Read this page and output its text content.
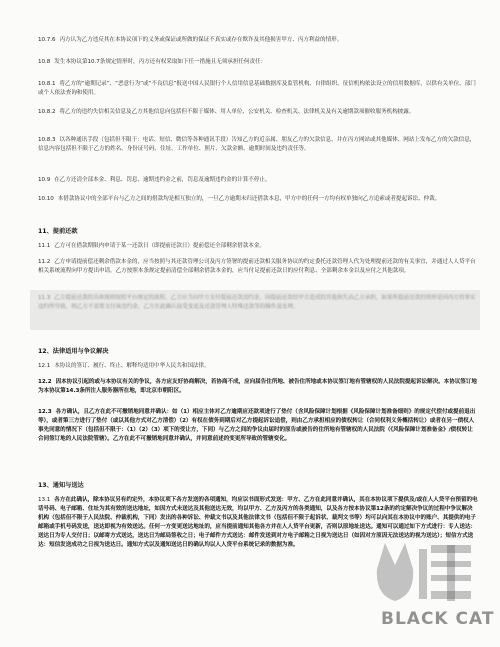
10.7.6 丙方认为乙方违反其在本协议项下的义务或保证或所做的保证不真实或存在欺诈及其他损害甲方、丙方利益的情形。
10.8 发生本协议第10.7条规定情形时，丙方还有权采取如下任一措施且无须承担任何责任：
10.8.1 将乙方的“逾期记录”、“恶意行为”或“不良信息”报送中国人民银行个人信用信息基础数据库及监管机构、自律组织、征信机构依法设立的信用数据库，以供有关单位、部门或个人依法查询和使用。
10.8.2 将乙方的违约失信相关信息及乙方其他信息向包括但不限于媒体、用人单位、公安机关、检查机关、法律机关及有关逾期款项催收服务机构披露。
10.8.3 以各种通讯手段（包括但不限于：电话、短信、微信等各种通讯手段）告知乙方的近亲属、朋友乙方的欠款信息，并在丙方网站或其他媒体、网站上发布乙方的欠款信息，信息内容包括但不限于乙方的姓名、身份证号码、住址、工作单位、照片、欠款金额、逾期时间及违约责任等。
10.9 在乙方还清全部本金、利息、罚息、逾期违约金之前，罚息及逾期违约金的计算不停止。
10.10 本借款协议中的全部平台与乙方之间的借款均是相互独立的，一旦乙方逾期未归还借款本息，甲方中的任何一方均有权单独向乙方追索或者提起诉讼、仲裁。
11、提前还款
11.1 乙方可在借款期限内申请于某一还款日（即提前还款日）提前偿还全部剩余借款本金。
11.2 乙方申请提前偿还剩余借款本金的，应当按照与其还款管理公司及丙方签署的提前还款相关服务协议的约定委托还款管理人代为处理提前还款的有关事宜，并通过人人贷平台相关系统流程向甲方提出申请，乙方按照本条规定提前清偿全部剩余借款本金的，应当付足提前还款日的应付利息、全部剩余本金以及应付之其他款项。
11.3 乙方提前还款的具体规则按照平台规定的流程，乙方应当向甲方支付提前还款违约金，因提前还款给甲方造成的其他损失由乙方承担，如果所提前还款的情形是因丙方的事实违约所导致，则乙方不需要支付该违约金，乙方在此确认接受变更及还款管理人特殊还款等的操作及处理。
12、法律适用与争议解决
12.1 本协议的签订、履行、终止、解释均适用中华人民共和国法律。
12.2 因本协议引起的或与本协议有关的争议，各方应友好协商解决，若协商不成，应向届告住所地、被告住所地或本协议签订地有管辖权的人民法院提起诉讼解决。本协议签订地为本协议第14.3条所注人服务器所在地，即北京市朝阳区。
12.3 各方确认，且乙方在此不可撤销地同意并确认：如（1）相应主体对乙方逾期应还款项进行了垫付（含风险保障计划根据《风险保障计划准备细则》的规定代偿付或提前退出等），或者第三方进行了垫付（或以其他方式对乙方清偿）（2）有权在债务到期后对乙方提起诉讼追偿，则由乙方承担相应的债权转让（合同权利义务概括转让）或者在另一债权人事先同意的情况下（包括但不限于：（1）（2）（3）项下的受让方，下同）与乙方之间的争议由届时的原告或被告的住所地有管辖权的人民法院（《风险保障计划准备金》/债权转让合同签订地的人民法院管辖）。乙方在此不可撤销地同意并确认，并同意前述的变更所导致的管辖变化。
13、通知与送达
13.1 各方在此确认，除本协议另有约定外，本协议项下各方发送的各项通知，均应以书面形式发送：甲方、乙方在此同意并确认，其在本协议项下提供及/或在人人贷平台预留的电话号码、电子邮箱、住址为其有效的送达地址，如因方式未送达及其他送达无效，均以甲方、乙方及丙方的各类通知，以及各方按本协议第12条的约定解决争议的过程中争议解决机构（包括但不限于人民法院、仲裁机构，下同）发出的各种诉讼、仲裁文书以及其他法律文书（包括但不限于起诉状、裁判文书等）均可以向其在本协议中的账户、其提供的电子邮箱或手机号码发送，送达即视为有效送达。任何一方变更送达地址的，应当提前通知其他各方并在人人贷平台更新，否则以原地址送达。通知可以通过如下方式进行：专人送达：送达日为专人交付日；以邮寄方式送达，送达日为邮局签收之日；电子邮件方式送达：邮件发送到对方电子邮箱之日视为送达日（如因对方原因无法送达的视为送达）；短信方式送达：短信发送成功之日视为送达日。通知方式以及通知送达日的确认均以人人贷平台系统记录的数据为准。
BLACK CAT
